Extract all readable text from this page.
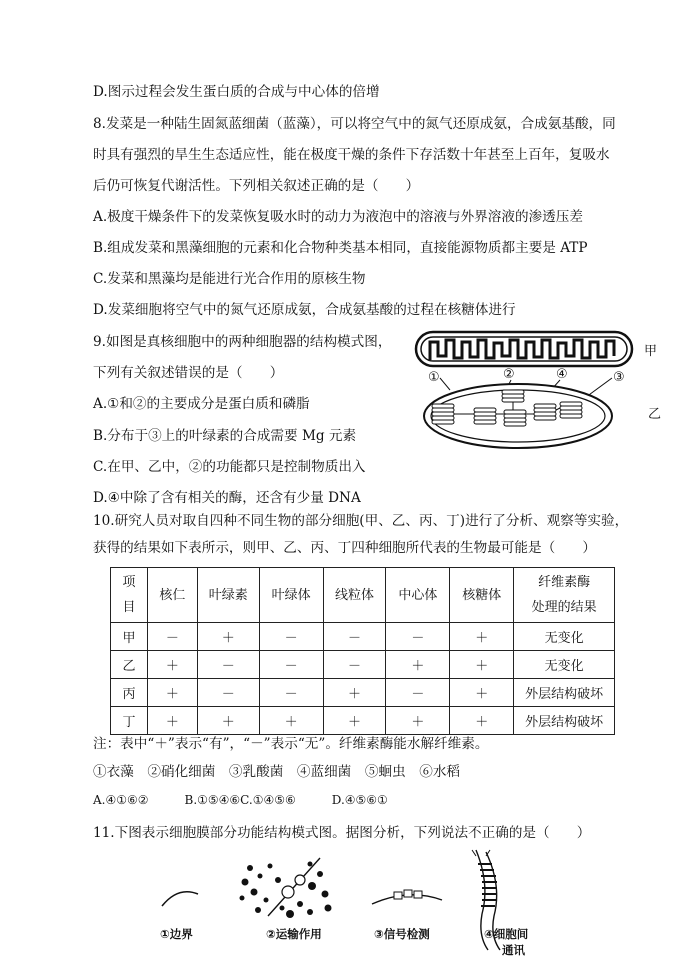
D.图示过程会发生蛋白质的合成与中心体的倍增
8.发菜是一种陆生固氮蓝细菌（蓝藻），可以将空气中的氮气还原成氨，合成氨基酸，同
时具有强烈的旱生生态适应性，能在极度干燥的条件下存活数十年甚至上百年，复吸水
后仍可恢复代谢活性。下列相关叙述正确的是（　　）
A.极度干燥条件下的发菜恢复吸水时的动力为液泡中的溶液与外界溶液的渗透压差
B.组成发菜和黑藻细胞的元素和化合物种类基本相同，直接能源物质都主要是 ATP
C.发菜和黑藻均是能进行光合作用的原核生物
D.发菜细胞将空气中的氮气还原成氨，合成氨基酸的过程在核糖体进行
9.如图是真核细胞中的两种细胞器的结构模式图，
下列有关叙述错误的是（　　）
A.①和②的主要成分是蛋白质和磷脂
B.分布于③上的叶绿素的合成需要 Mg 元素
C.在甲、乙中，②的功能都只是控制物质出入
D.④中除了含有相关的酶，还含有少量 DNA
10.研究人员对取自四种不同生物的部分细胞(甲、乙、丙、丁)进行了分析、观察等实验，
获得的结果如下表所示，则甲、乙、丙、丁四种细胞所代表的生物最可能是（　　）
甲
①	②	④	③
乙
项
目	核仁	叶绿素	叶绿体	线粒体	中心体	核糖体	纤维素酶
处理的结果
甲	－	＋	－	－	－	＋	无变化
乙	＋	－	－	－	＋	＋	无变化
丙	＋	－	－	＋	－	＋	外层结构破坏
丁	＋	＋	＋	＋	＋	＋	外层结构破坏
注：表中“＋”表示“有”，“－”表示“无”。纤维素酶能水解纤维素。
①衣藻　②硝化细菌　③乳酸菌　④蓝细菌　⑤蛔虫　⑥水稻
A.④①⑥②　　　B.①⑤④⑥C.①④⑤⑥　　　D.④⑤⑥①
11.下图表示细胞膜部分功能结构模式图。据图分析，下列说法不正确的是（　　）
①边界	②运输作用	③信号检测	④细胞间
通讯
